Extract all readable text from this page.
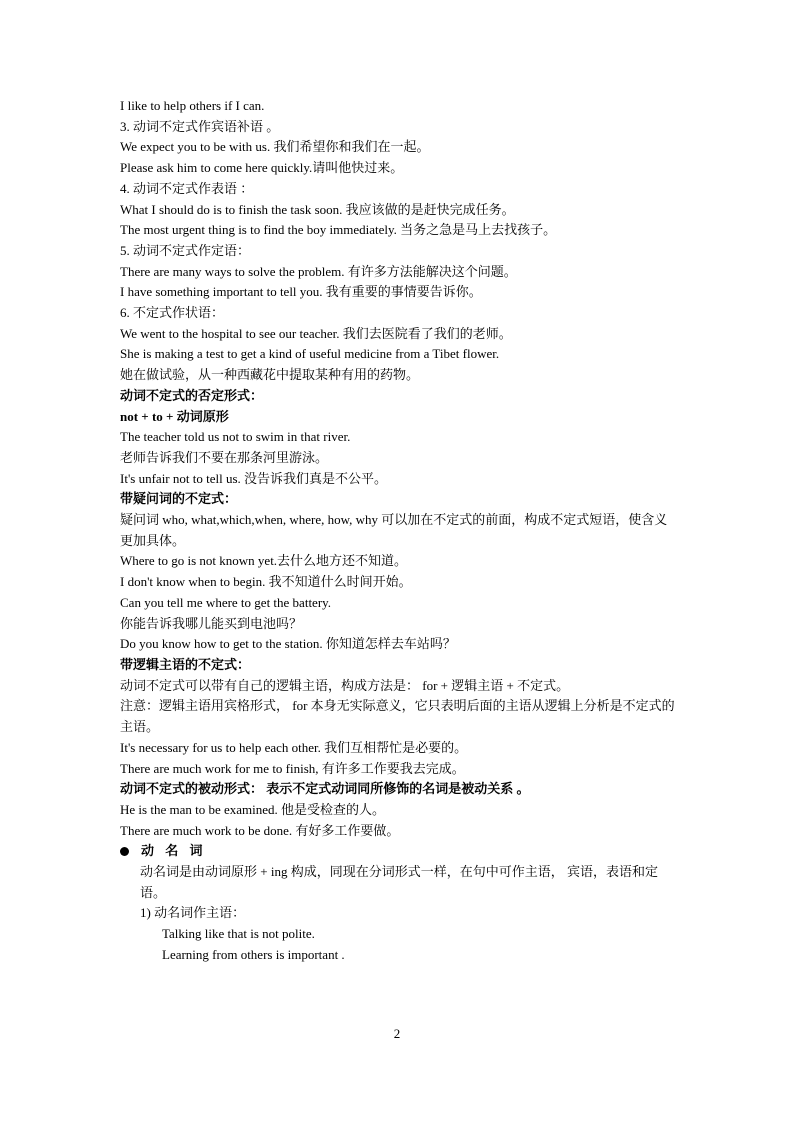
I like to help others if I can.
3. 动词不定式作宾语补语 。
We expect you to be with us. 我们希望你和我们在一起。
Please ask him to come here quickly.请叫他快过来。
4. 动词不定式作表语 ：
What I should do is to finish the task soon. 我应该做的是赶快完成任务。
The most urgent thing is to find the boy immediately. 当务之急是马上去找孩子。
5. 动词不定式作定语：
There are many ways to solve the problem. 有许多方法能解决这个问题。
I have something important to tell you. 我有重要的事情要告诉你。
6. 不定式作状语：
We went to the hospital to see our teacher. 我们去医院看了我们的老师。
She is making a test to get a kind of useful medicine from a Tibet flower.
她在做试验，从一种西藏花中提取某种有用的药物。
动词不定式的否定形式：
not + to + 动词原形
The teacher told us not to swim in that river.
老师告诉我们不要在那条河里游泳。
It's unfair not to tell us. 没告诉我们真是不公平。
带疑问词的不定式：
疑问词 who, what,which,when, where, how, why 可以加在不定式的前面，构成不定式短语，使含义更加具体。
Where to go is not known yet.去什么地方还不知道。
I don't know when to begin. 我不知道什么时间开始。
Can you tell me where to get the battery.
你能告诉我哪儿能买到电池吗？
Do you know how to get to the station. 你知道怎样去车站吗？
带逻辑主语的不定式：
动词不定式可以带有自己的逻辑主语，构成方法是： for + 逻辑主语 + 不定式。
注意：逻辑主语用宾格形式， for 本身无实际意义，它只表明后面的主语从逻辑上分析是不定式的主语。
It's necessary for us to help each other. 我们互相帮忙是必要的。
There are much work for me to finish, 有许多工作要我去完成。
动词不定式的被动形式： 表示不定式动词同所修饰的名词是被动关系 。
He is the man to be examined. 他是受检查的人。
There are much work to be done. 有好多工作要做。
动 名 词
动名词是由动词原形 + ing 构成，同现在分词形式一样，在句中可作主语， 宾语，表语和定语。
1) 动名词作主语：
Talking like that is not polite.
Learning from others is important .
2
